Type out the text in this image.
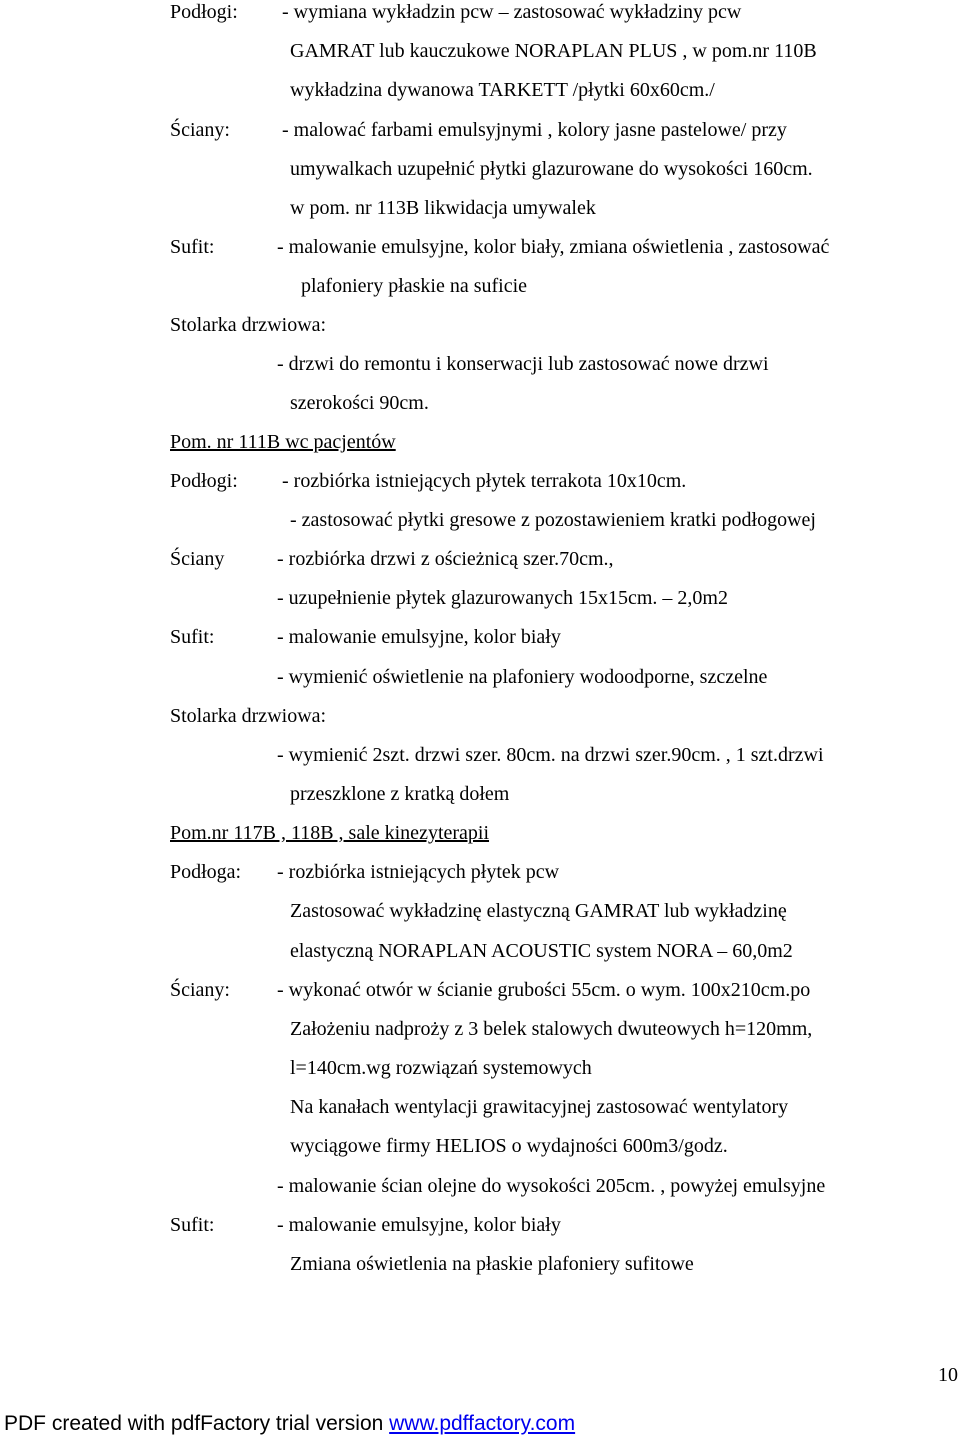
Podłogi:
Ściany:
Sufit:
Stolarka drzwiowa:
Pom. nr 111B wc pacjentów
Podłogi:
Ściany
Sufit:
Stolarka drzwiowa:
Pom.nr 117B , 118B , sale kinezyterapii
Podłoga:
Ściany:
Sufit:
- wymiana wykładzin pcw – zastosować wykładziny pcw
GAMRAT lub kauczukowe NORAPLAN PLUS , w pom.nr 110B
wykładzina dywanowa TARKETT /płytki 60x60cm./
- malować farbami emulsyjnymi , kolory jasne pastelowe/ przy
umywalkach uzupełnić płytki glazurowane do wysokości 160cm.
w pom. nr 113B likwidacja umywalek
- malowanie emulsyjne, kolor biały, zmiana oświetlenia , zastosować
plafoniery płaskie na suficie
- drzwi do remontu i konserwacji lub zastosować nowe drzwi
szerokości 90cm.
- rozbiórka istniejących płytek terrakota 10x10cm.
- zastosować płytki gresowe z pozostawieniem kratki podłogowej
- rozbiórka drzwi z ościeżnicą szer.70cm.,
- uzupełnienie płytek glazurowanych 15x15cm. – 2,0m2
- malowanie emulsyjne, kolor biały
- wymienić oświetlenie na plafoniery wodoodporne, szczelne
- wymienić 2szt. drzwi szer. 80cm. na drzwi szer.90cm. , 1 szt.drzwi
przeszklone z kratką dołem
- rozbiórka istniejących płytek pcw
Zastosować wykładzinę elastyczną GAMRAT lub wykładzinę
elastyczną NORAPLAN ACOUSTIC system NORA – 60,0m2
- wykonać otwór w ścianie grubości 55cm. o wym. 100x210cm.po
Założeniu nadproży z 3 belek stalowych dwuteowych h=120mm,
l=140cm.wg rozwiązań systemowych
Na kanałach wentylacji grawitacyjnej zastosować wentylatory
wyciągowe firmy HELIOS o wydajności 600m3/godz.
- malowanie ścian olejne do wysokości 205cm. , powyżej emulsyjne
- malowanie emulsyjne, kolor biały
Zmiana oświetlenia na płaskie plafoniery sufitowe
10
PDF created with pdfFactory trial version www.pdffactory.com
